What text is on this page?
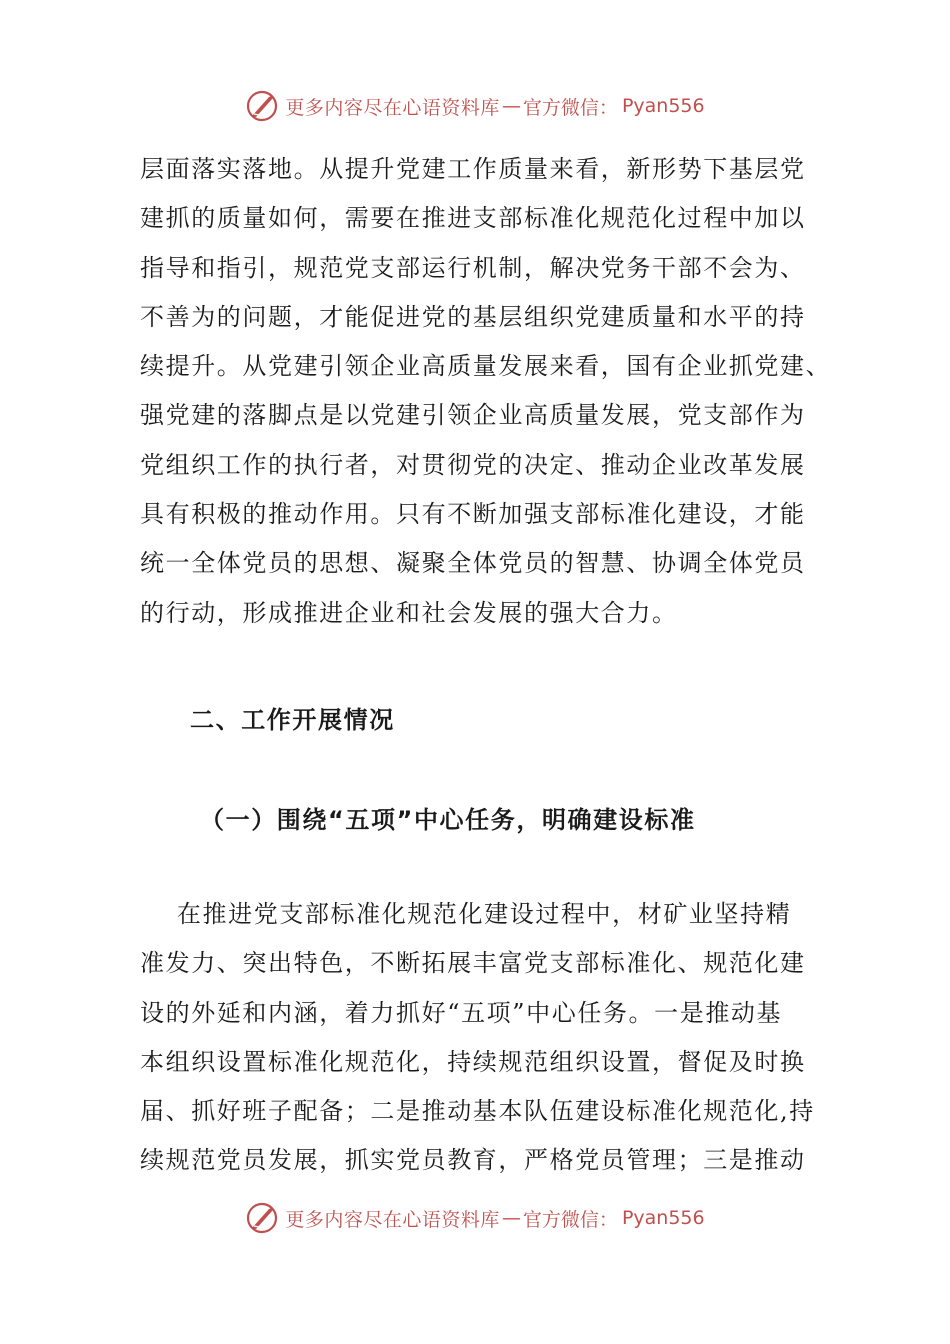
更多内容尽在心语资料库 — 官方微信： Pyan556

层面落实落地。从提升党建工作质量来看，新形势下基层党
建抓的质量如何，需要在推进支部标准化规范化过程中加以
指导和指引，规范党支部运行机制，解决党务干部不会为、
不善为的问题，才能促进党的基层组织党建质量和水平的持
续提升。从党建引领企业高质量发展来看，国有企业抓党建、
强党建的落脚点是以党建引领企业高质量发展，党支部作为
党组织工作的执行者，对贯彻党的决定、推动企业改革发展
具有积极的推动作用。只有不断加强支部标准化建设，才能
统一全体党员的思想、凝聚全体党员的智慧、协调全体党员
的行动，形成推进企业和社会发展的强大合力。

二、工作开展情况
（一）围绕“五项”中心任务，明确建设标准

在推进党支部标准化规范化建设过程中，材矿业坚持精
准发力、突出特色，不断拓展丰富党支部标准化、规范化建
设的外延和内涵，着力抓好“五项”中心任务。一是推动基
本组织设置标准化规范化，持续规范组织设置，督促及时换
届、抓好班子配备；二是推动基本队伍建设标准化规范化,持
续规范党员发展，抓实党员教育，严格党员管理；三是推动

更多内容尽在心语资料库 — 官方微信： Pyan556
